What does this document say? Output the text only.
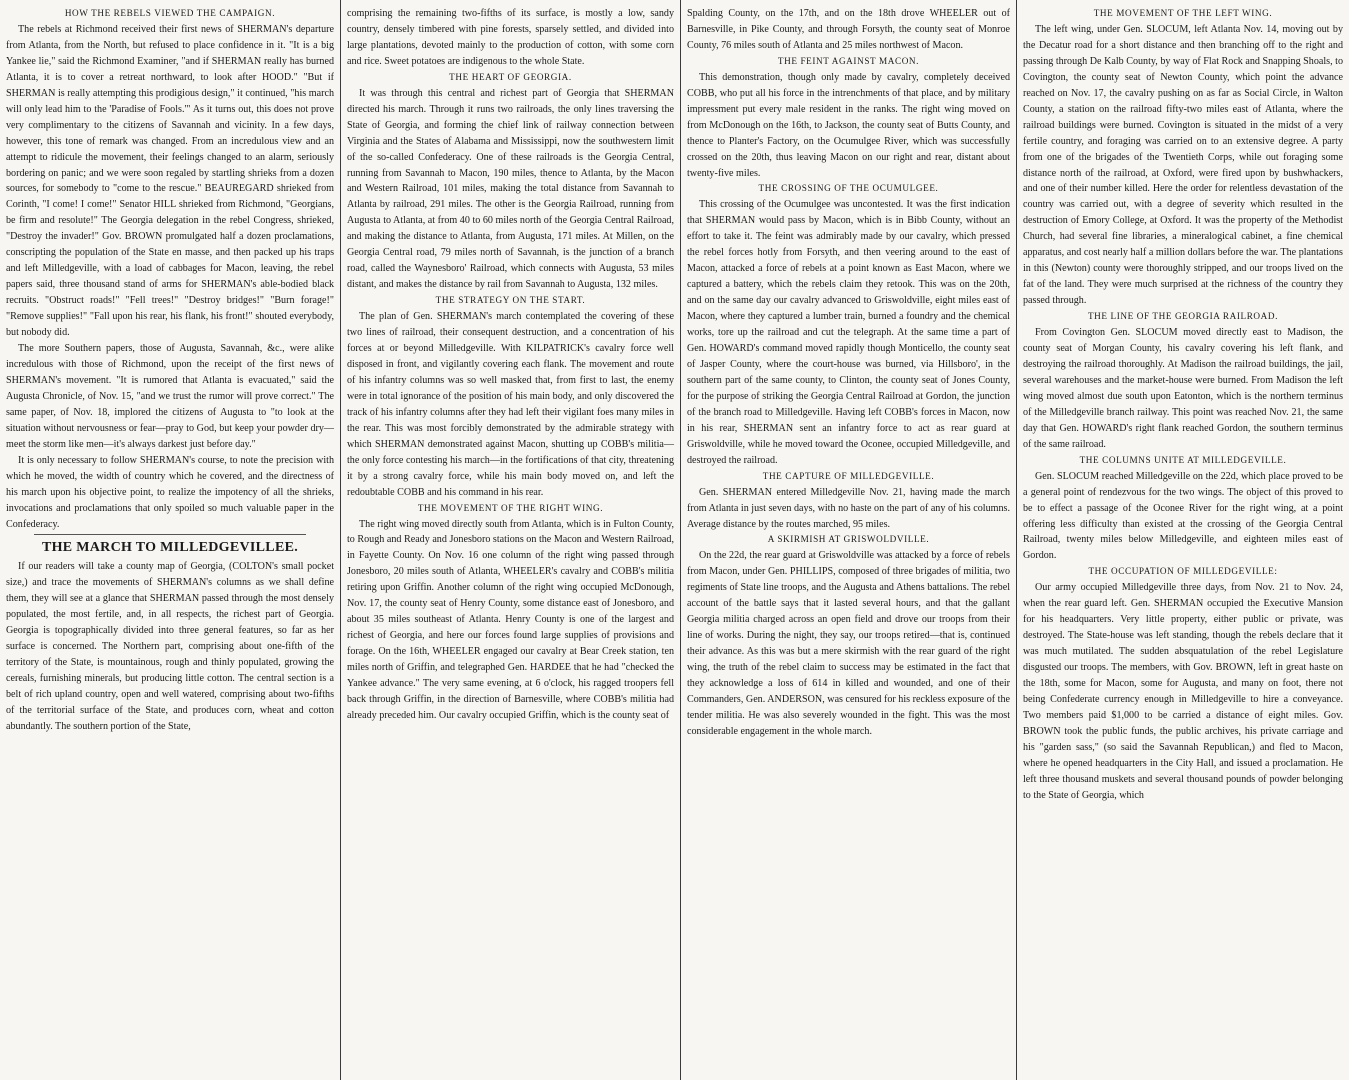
HOW THE REBELS VIEWED THE CAMPAIGN.

The rebels at Richmond received their first news of SHERMAN's departure from Atlanta, from the North, but refused to place confidence in it. "It is a big Yankee lie," said the Richmond Examiner, "and if SHERMAN really has burned Atlanta, it is to cover a retreat northward, to look after HOOD." "But if SHERMAN is really attempting this prodigious design," it continued, "his march will only lead him to the 'Paradise of Fools.'" As it turns out, this does not prove very complimentary to the citizens of Savannah and vicinity. In a few days, however, this tone of remark was changed. From an incredulous view and an attempt to ridicule the movement, their feelings changed to an alarm, seriously bordering on panic; and we were soon regaled by startling shrieks from a dozen sources, for somebody to "come to the rescue." BEAUREGARD shrieked from Corinth, "I come! I come!" Senator HILL shrieked from Richmond, "Georgians, be firm and resolute!" The Georgia delegation in the rebel Congress, shrieked, "Destroy the invader!" Gov. BROWN promulgated half a dozen proclamations, conscripting the population of the State en masse, and then packed up his traps and left Milledgeville, with a load of cabbages for Macon, leaving, the rebel papers said, three thousand stand of arms for SHERMAN's able-bodied black recruits. "Obstruct roads!" "Fell trees!" "Destroy bridges!" "Burn forage!" "Remove supplies!" "Fall upon his rear, his flank, his front!" shouted everybody, but nobody did.

The more Southern papers, those of Augusta, Savannah, &c., were alike incredulous with those of Richmond, upon the receipt of the first news of SHERMAN's movement. "It is rumored that Atlanta is evacuated," said the Augusta Chronicle, of Nov. 15, "and we trust the rumor will prove correct." The same paper, of Nov. 18, implored the citizens of Augusta to "to look at the situation without nervousness or fear—pray to God, but keep your powder dry—meet the storm like men—it's always darkest just before day."

It is only necessary to follow SHERMAN's course, to note the precision with which he moved, the width of country which he covered, and the directness of his march upon his objective point, to realize the impotency of all the shrieks, invocations and proclamations that only spoiled so much valuable paper in the Confederacy.

THE MARCH TO MILLEDGEVILLEE.

If our readers will take a county map of Georgia, (COLTON's small pocket size,) and trace the movements of SHERMAN's columns as we shall define them, they will see at a glance that SHERMAN passed through the most densely populated, the most fertile, and, in all respects, the richest part of Georgia. Georgia is topographically divided into three general features, so far as her surface is concerned. The Northern part, comprising about one-fifth of the territory of the State, is mountainous, rough and thinly populated, growing the cereals, furnishing minerals, but producing little cotton. The central section is a belt of rich upland country, open and well watered, comprising about two-fifths of the territorial surface of the State, and produces corn, wheat and cotton abundantly. The southern portion of the State,

comprising the remaining two-fifths of its surface, is mostly a low, sandy country, densely timbered with pine forests, sparsely settled, and divided into large plantations, devoted mainly to the production of cotton, with some corn and rice. Sweet potatoes are indigenous to the whole State.

THE HEART OF GEORGIA.

It was through this central and richest part of Georgia that SHERMAN directed his march. Through it runs two railroads, the only lines traversing the State of Georgia, and forming the chief link of railway connection between Virginia and the States of Alabama and Mississippi, now the southwestern limit of the so-called Confederacy. One of these railroads is the Georgia Central, running from Savannah to Macon, 190 miles, thence to Atlanta, by the Macon and Western Railroad, 101 miles, making the total distance from Savannah to Atlanta by railroad, 291 miles. The other is the Georgia Railroad, running from Augusta to Atlanta, at from 40 to 60 miles north of the Georgia Central Railroad, and making the distance to Atlanta, from Augusta, 171 miles. At Millen, on the Georgia Central road, 79 miles north of Savannah, is the junction of a branch road, called the Waynesboro' Railroad, which connects with Augusta, 53 miles distant, and makes the distance by rail from Savannah to Augusta, 132 miles.

THE STRATEGY ON THE START.

The plan of Gen. SHERMAN's march contemplated the covering of these two lines of railroad, their consequent destruction, and a concentration of his forces at or beyond Milledgeville. With KILPATRICK's cavalry force well disposed in front, and vigilantly covering each flank. The movement and route of his infantry columns was so well masked that, from first to last, the enemy were in total ignorance of the position of his main body, and only discovered the track of his infantry columns after they had left their vigilant foes many miles in the rear. This was most forcibly demonstrated by the admirable strategy with which SHERMAN demonstrated against Macon, shutting up COBB's militia—the only force contesting his march—in the fortifications of that city, threatening it by a strong cavalry force, while his main body moved on, and left the redoubtable COBB and his command in his rear.

THE MOVEMENT OF THE RIGHT WING.

The right wing moved directly south from Atlanta, which is in Fulton County, to Rough and Ready and Jonesboro stations on the Macon and Western Railroad, in Fayette County. On Nov. 16 one column of the right wing passed through Jonesboro, 20 miles south of Atlanta, WHEELER's cavalry and COBB's militia retiring upon Griffin. Another column of the right wing occupied McDonough, Nov. 17, the county seat of Henry County, some distance east of Jonesboro, and about 35 miles southeast of Atlanta. Henry County is one of the largest and richest of Georgia, and here our forces found large supplies of provisions and forage. On the 16th, WHEELER engaged our cavalry at Bear Creek station, ten miles north of Griffin, and telegraphed Gen. HARDEE that he had "checked the Yankee advance." The very same evening, at 6 o'clock, his ragged troopers fell back through Griffin, in the direction of Barnesville, where COBB's militia had already preceded him. Our cavalry occupied Griffin, which is the county seat of

Spalding County, on the 17th, and on the 18th drove WHEELER out of Barnesville, in Pike County, and through Forsyth, the county seat of Monroe County, 76 miles south of Atlanta and 25 miles northwest of Macon.

THE FEINT AGAINST MACON.

This demonstration, though only made by cavalry, completely deceived COBB, who put all his force in the intrenchments of that place, and by military impressment put every male resident in the ranks. The right wing moved on from McDonough on the 16th, to Jackson, the county seat of Butts County, and thence to Planter's Factory, on the Ocumulgee River, which was successfully crossed on the 20th, thus leaving Macon on our right and rear, distant about twenty-five miles.

THE CROSSING OF THE OCUMULGEE.

This crossing of the Ocumulgee was uncontested. It was the first indication that SHERMAN would pass by Macon, which is in Bibb County, without an effort to take it. The feint was admirably made by our cavalry, which pressed the rebel forces hotly from Forsyth, and then veering around to the east of Macon, attacked a force of rebels at a point known as East Macon, where we captured a battery, which the rebels claim they retook. This was on the 20th, and on the same day our cavalry advanced to Griswoldville, eight miles east of Macon, where they captured a lumber train, burned a foundry and the chemical works, tore up the railroad and cut the telegraph. At the same time a part of Gen. HOWARD's command moved rapidly though Monticello, the county seat of Jasper County, where the court-house was burned, via Hillsboro', in the southern part of the same county, to Clinton, the county seat of Jones County, for the purpose of striking the Georgia Central Railroad at Gordon, the junction of the branch road to Milledgeville. Having left COBB's forces in Macon, now in his rear, SHERMAN sent an infantry force to act as rear guard at Griswoldville, while he moved toward the Oconee, occupied Milledgeville, and destroyed the railroad.

THE CAPTURE OF MILLEDGEVILLE.

Gen. SHERMAN entered Milledgeville Nov. 21, having made the march from Atlanta in just seven days, with no haste on the part of any of his columns. Average distance by the routes marched, 95 miles.

A SKIRMISH AT GRISWOLDVILLE.

On the 22d, the rear guard at Griswoldville was attacked by a force of rebels from Macon, under Gen. PHILLIPS, composed of three brigades of militia, two regiments of State line troops, and the Augusta and Athens battalions. The rebel account of the battle says that it lasted several hours, and that the gallant Georgia militia charged across an open field and drove our troops from their line of works. During the night, they say, our troops retired—that is, continued their advance. As this was but a mere skirmish with the rear guard of the right wing, the truth of the rebel claim to success may be estimated in the fact that they acknowledge a loss of 614 in killed and wounded, and one of their Commanders, Gen. ANDERSON, was censured for his reckless exposure of the tender militia. He was also severely wounded in the fight. This was the most considerable engagement in the whole march.

THE MOVEMENT OF THE LEFT WING.

The left wing, under Gen. SLOCUM, left Atlanta Nov. 14, moving out by the Decatur road for a short distance and then branching off to the right and passing through De Kalb County, by way of Flat Rock and Snapping Shoals, to Covington, the county seat of Newton County, which point the advance reached on Nov. 17, the cavalry pushing on as far as Social Circle, in Walton County, a station on the railroad fifty-two miles east of Atlanta, where the railroad buildings were burned. Covington is situated in the midst of a very fertile country, and foraging was carried on to an extensive degree. A party from one of the brigades of the Twentieth Corps, while out foraging some distance north of the railroad, at Oxford, were fired upon by bushwhackers, and one of their number killed. Here the order for relentless devastation of the country was carried out, with a degree of severity which resulted in the destruction of Emory College, at Oxford. It was the property of the Methodist Church, had several fine libraries, a mineralogical cabinet, a fine chemical apparatus, and cost nearly half a million dollars before the war. The plantations in this (Newton) county were thoroughly stripped, and our troops lived on the fat of the land. They were much surprised at the richness of the country they passed through.

THE LINE OF THE GEORGIA RAILROAD.

From Covington Gen. SLOCUM moved directly east to Madison, the county seat of Morgan County, his cavalry covering his left flank, and destroying the railroad thoroughly. At Madison the railroad buildings, the jail, several warehouses and the market-house were burned. From Madison the left wing moved almost due south upon Eatonton, which is the northern terminus of the Milledgeville branch railway. This point was reached Nov. 21, the same day that Gen. HOWARD's right flank reached Gordon, the southern terminus of the same railroad.

THE COLUMNS UNITE AT MILLEDGEVILLE.

Gen. SLOCUM reached Milledgeville on the 22d, which place proved to be a general point of rendezvous for the two wings. The object of this proved to be to effect a passage of the Oconee River for the right wing, at a point offering less difficulty than existed at the crossing of the Georgia Central Railroad, twenty miles below Milledgeville, and eighteen miles east of Gordon.

THE OCCUPATION OF MILLEDGEVILLE:

Our army occupied Milledgeville three days, from Nov. 21 to Nov. 24, when the rear guard left. Gen. SHERMAN occupied the Executive Mansion for his headquarters. Very little property, either public or private, was destroyed. The State-house was left standing, though the rebels declare that it was much mutilated. The sudden absquatulation of the rebel Legislature disgusted our troops. The members, with Gov. BROWN, left in great haste on the 18th, some for Macon, some for Augusta, and many on foot, there not being Confederate currency enough in Milledgeville to hire a conveyance. Two members paid $1,000 to be carried a distance of eight miles. Gov. BROWN took the public funds, the public archives, his private carriage and his "garden sass," (so said the Savannah Republican,) and fled to Macon, where he opened headquarters in the City Hall, and issued a proclamation. He left three thousand muskets and several thousand pounds of powder belonging to the State of Georgia, which
